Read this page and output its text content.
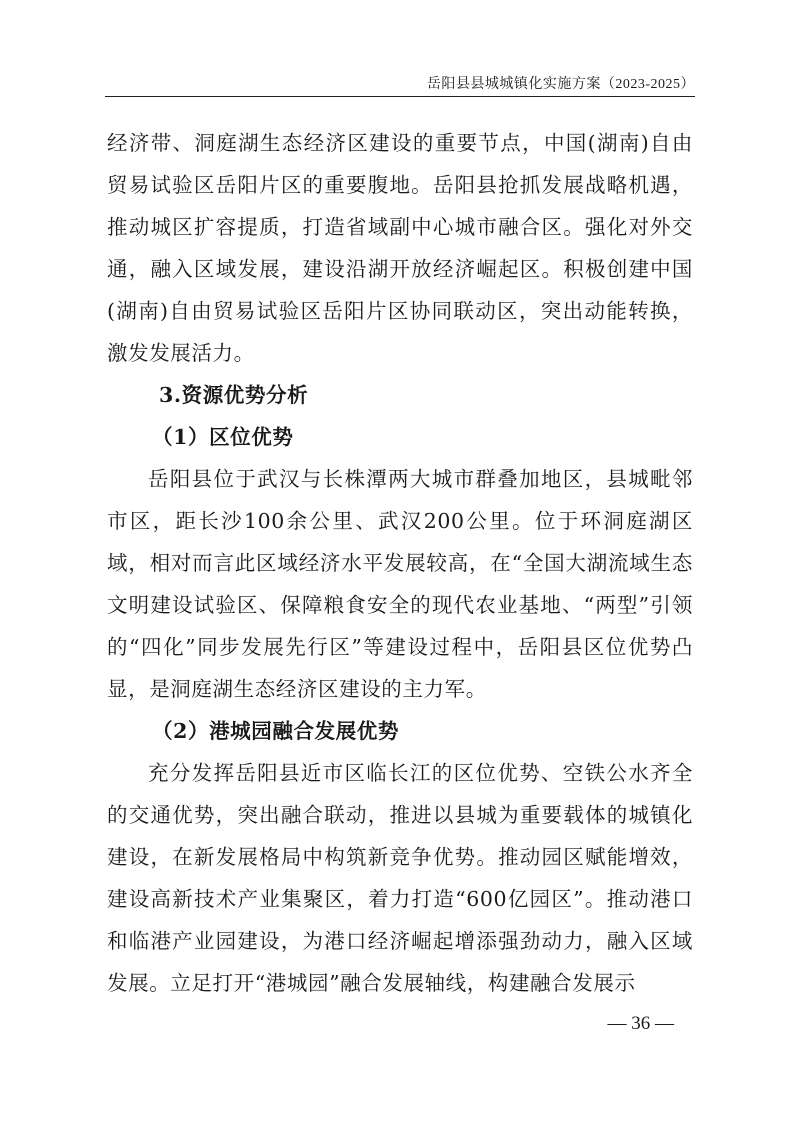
岳阳县县城城镇化实施方案（2023-2025）

经济带、洞庭湖生态经济区建设的重要节点，中国(湖南)自由贸易试验区岳阳片区的重要腹地。岳阳县抢抓发展战略机遇，推动城区扩容提质，打造省域副中心城市融合区。强化对外交通，融入区域发展，建设沿湖开放经济崛起区。积极创建中国(湖南)自由贸易试验区岳阳片区协同联动区，突出动能转换，激发发展活力。

3.资源优势分析

（1）区位优势

岳阳县位于武汉与长株潭两大城市群叠加地区，县城毗邻市区，距长沙100余公里、武汉200公里。位于环洞庭湖区域，相对而言此区域经济水平发展较高，在“全国大湖流域生态文明建设试验区、保障粮食安全的现代农业基地、“两型”引领的“四化”同步发展先行区”等建设过程中，岳阳县区位优势凸显，是洞庭湖生态经济区建设的主力军。

（2）港城园融合发展优势

充分发挥岳阳县近市区临长江的区位优势、空铁公水齐全的交通优势，突出融合联动，推进以县城为重要载体的城镇化建设，在新发展格局中构筑新竞争优势。推动园区赋能增效，建设高新技术产业集聚区，着力打造“600亿园区”。推动港口和临港产业园建设，为港口经济崛起增添强劲动力，融入区域发展。立足打开“港城园”融合发展轴线，构建融合发展示

— 36 —
